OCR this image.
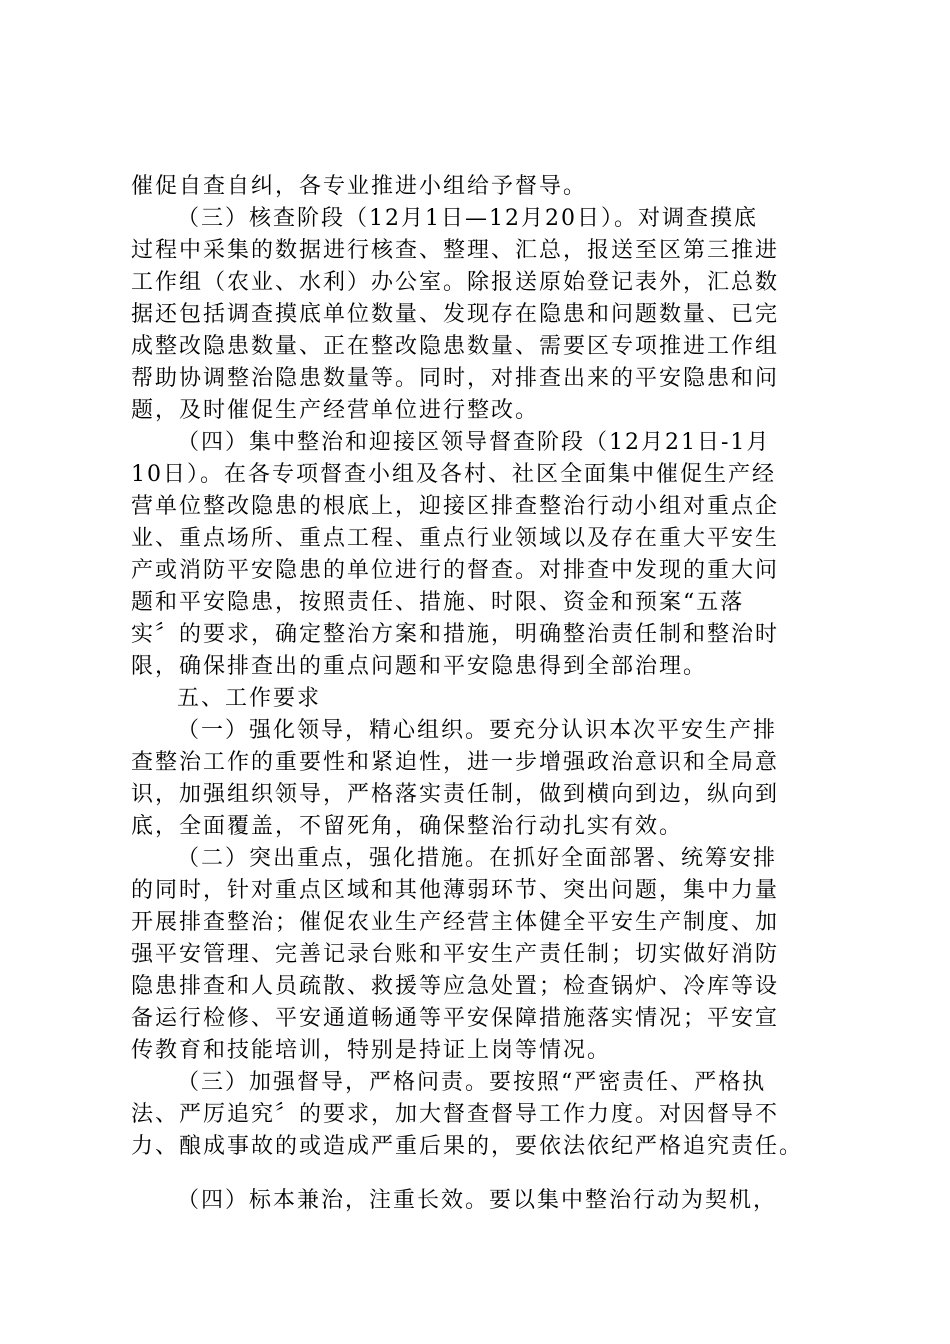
催促自查自纠，各专业推进小组给予督导。
（三）核查阶段（12月1日—12月20日）。对调查摸底
过程中采集的数据进行核查、整理、汇总，报送至区第三推进
工作组（农业、水利）办公室。除报送原始登记表外，汇总数
据还包括调查摸底单位数量、发现存在隐患和问题数量、已完
成整改隐患数量、正在整改隐患数量、需要区专项推进工作组
帮助协调整治隐患数量等。同时，对排查出来的平安隐患和问
题，及时催促生产经营单位进行整改。
（四）集中整治和迎接区领导督查阶段（12月21日-1月
10日）。在各专项督查小组及各村、社区全面集中催促生产经
营单位整改隐患的根底上，迎接区排查整治行动小组对重点企
业、重点场所、重点工程、重点行业领域以及存在重大平安生
产或消防平安隐患的单位进行的督查。对排查中发现的重大问
题和平安隐患，按照责任、措施、时限、资金和预案“五落
实〞的要求，确定整治方案和措施，明确整治责任制和整治时
限，确保排查出的重点问题和平安隐患得到全部治理。
五、工作要求
（一）强化领导，精心组织。要充分认识本次平安生产排
查整治工作的重要性和紧迫性，进一步增强政治意识和全局意
识，加强组织领导，严格落实责任制，做到横向到边，纵向到
底，全面覆盖，不留死角，确保整治行动扎实有效。
（二）突出重点，强化措施。在抓好全面部署、统筹安排
的同时，针对重点区域和其他薄弱环节、突出问题，集中力量
开展排查整治；催促农业生产经营主体健全平安生产制度、加
强平安管理、完善记录台账和平安生产责任制；切实做好消防
隐患排查和人员疏散、救援等应急处置；检查锅炉、冷库等设
备运行检修、平安通道畅通等平安保障措施落实情况；平安宣
传教育和技能培训，特别是持证上岗等情况。
（三）加强督导，严格问责。要按照“严密责任、严格执
法、严厉追究〞的要求，加大督查督导工作力度。对因督导不
力、酿成事故的或造成严重后果的，要依法依纪严格追究责任。
（四）标本兼治，注重长效。要以集中整治行动为契机，
